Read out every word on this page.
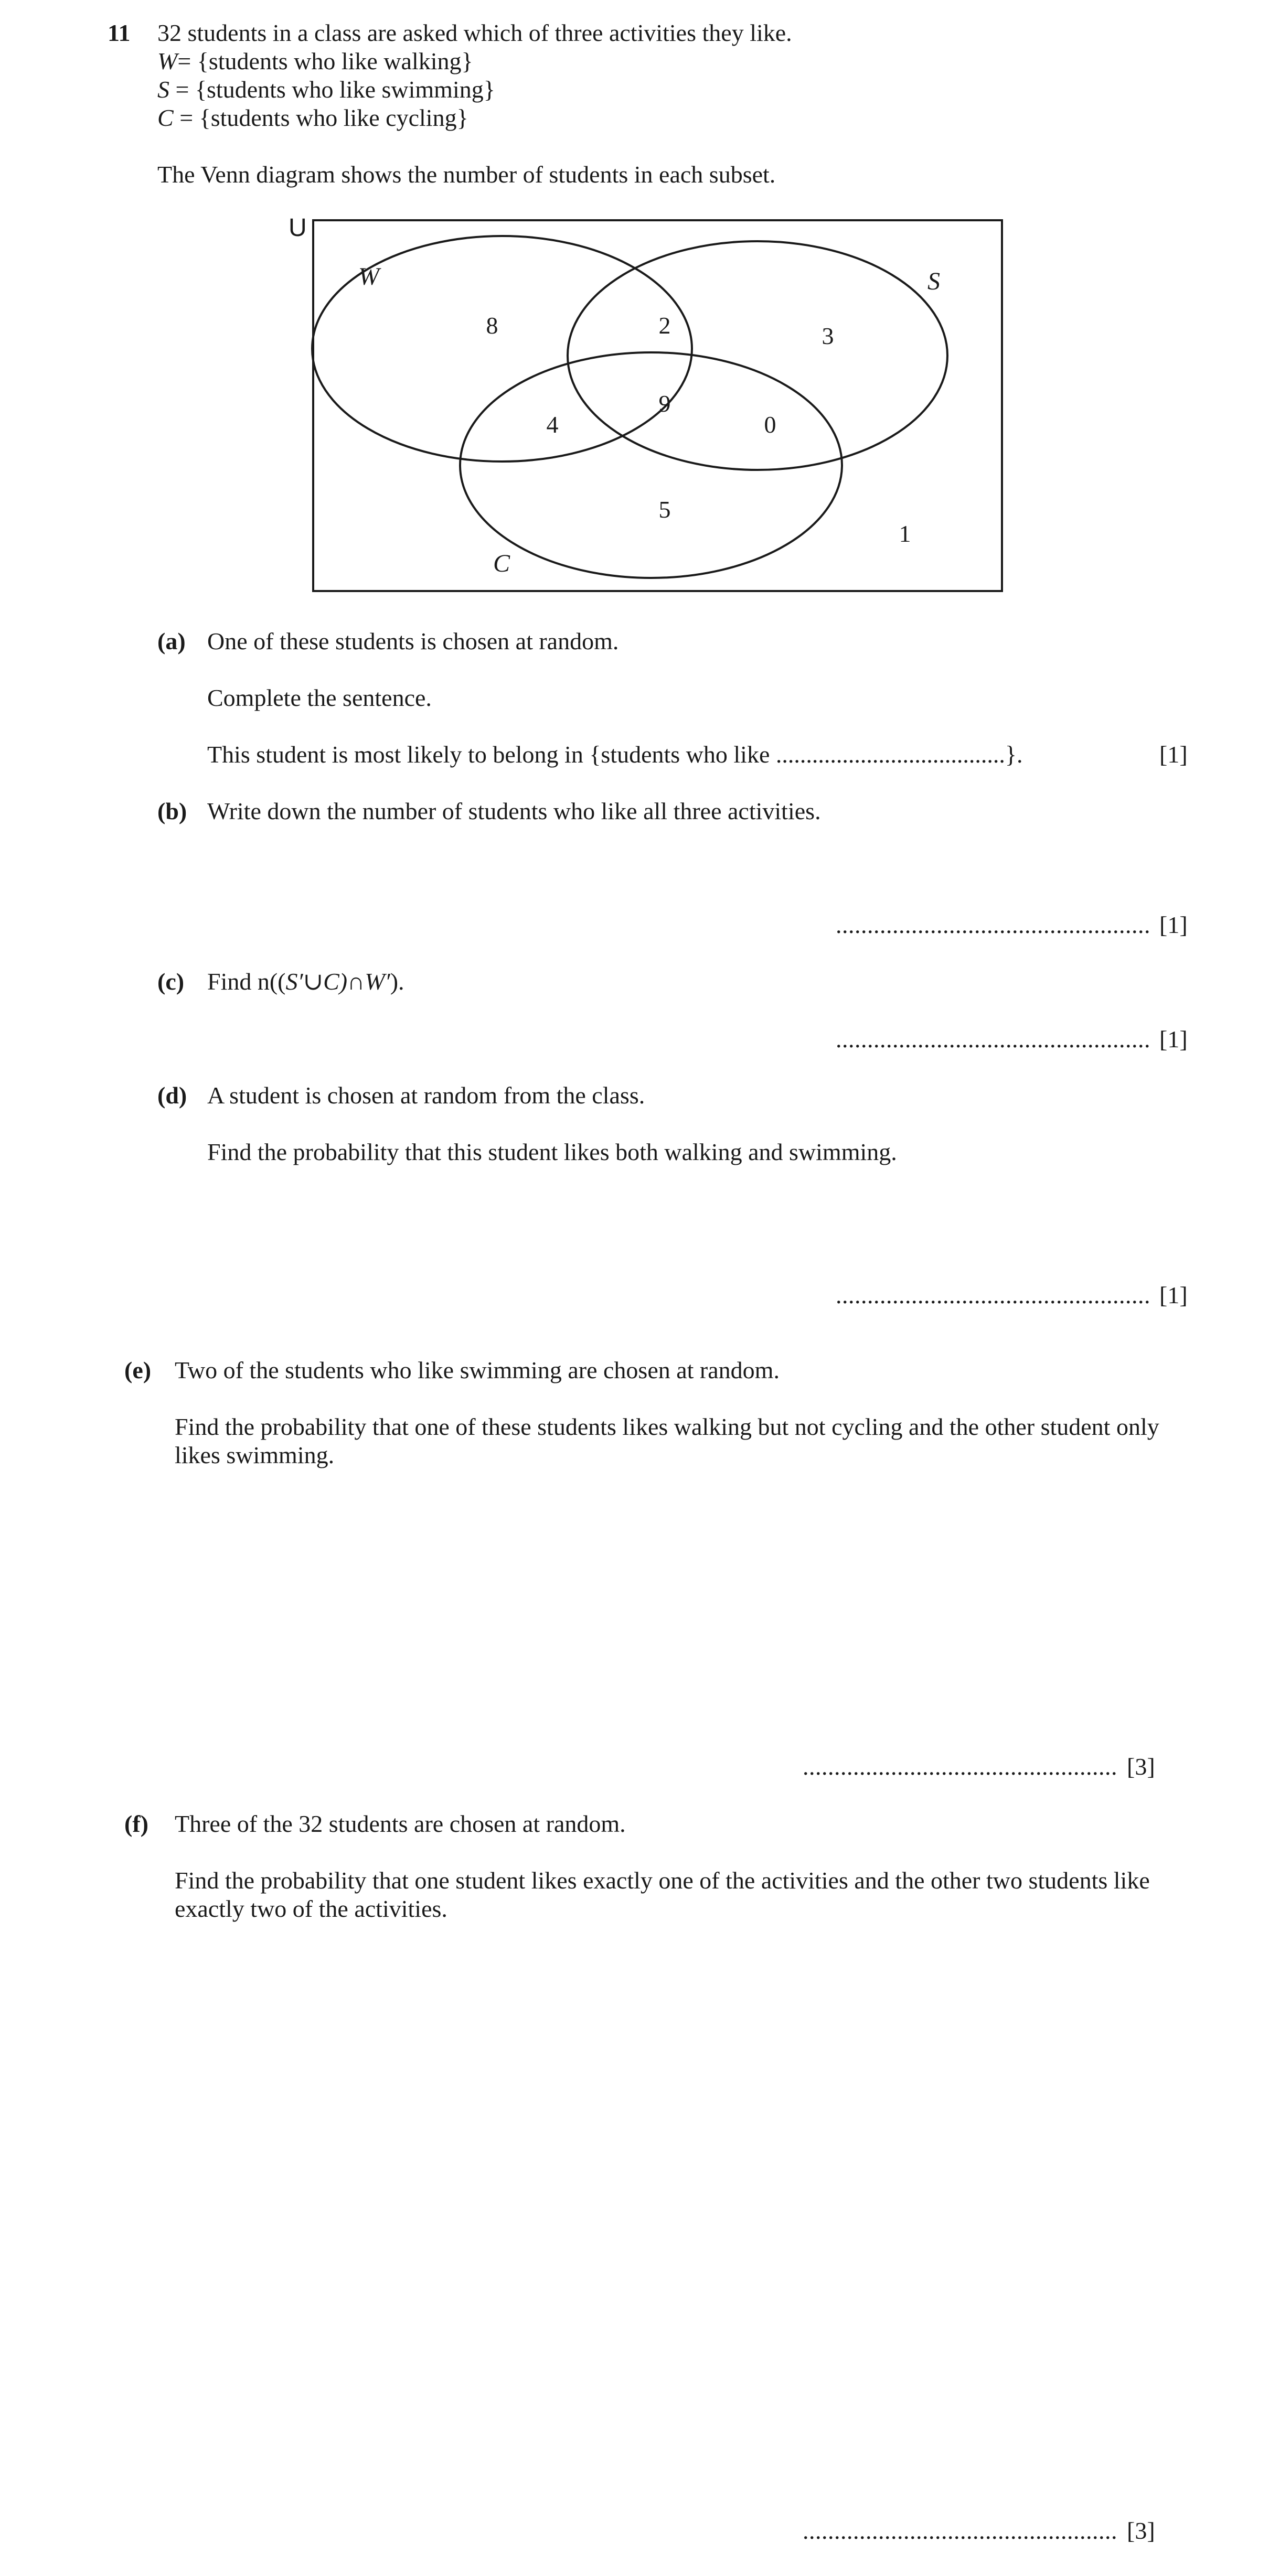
11 32 students in a class are asked which of three activities they like.
W= {students who like walking}
S = {students who like swimming}
C = {students who like cycling}
The Venn diagram shows the number of students in each subset.
U
W	S
C
8	2	3
4
9
0
5
1
(a) One of these students is chosen at random.
Complete the sentence.
This student is most likely to belong in {students who like ......................................}.	[1]
(b) Write down the number of students who like all three activities.
.................................................. [1]
(c) Find n((S′∪C)∩W′).
.................................................. [1]
(d) A student is chosen at random from the class.
Find the probability that this student likes both walking and swimming.
.................................................. [1]
(e) Two of the students who like swimming are chosen at random.
Find the probability that one of these students likes walking but not cycling and the other student only likes swimming.
.................................................. [3]
(f) Three of the 32 students are chosen at random.
Find the probability that one student likes exactly one of the activities and the other two students like exactly two of the activities.
.................................................. [3]
